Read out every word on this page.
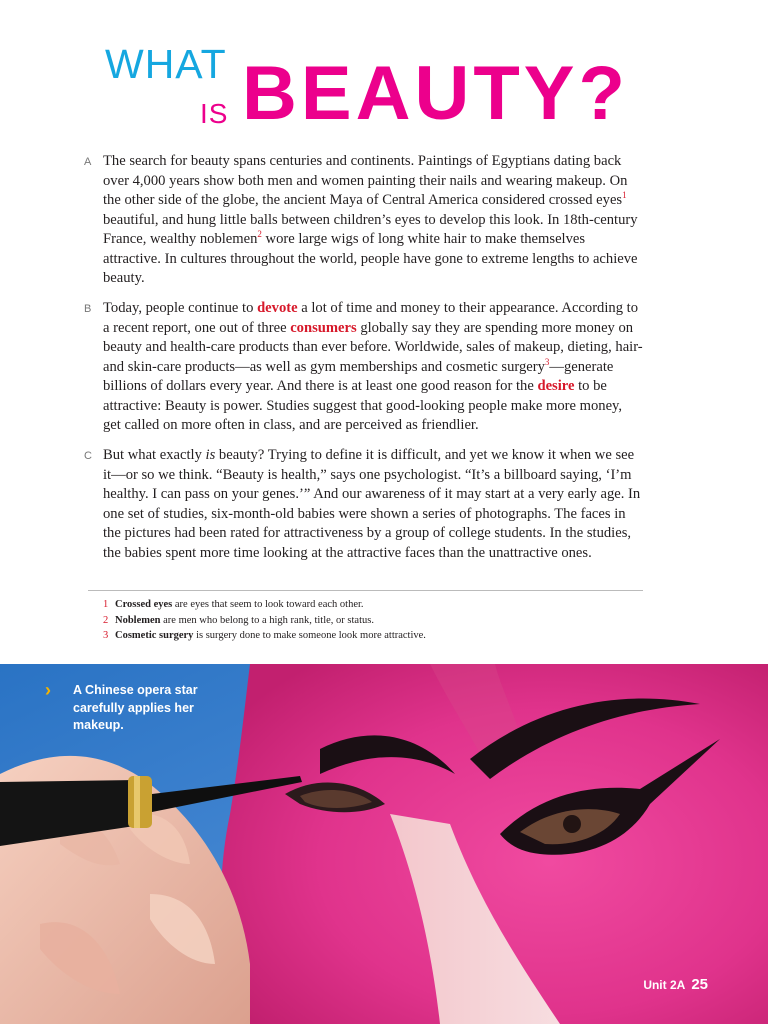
WHAT
IS BEAUTY?
A The search for beauty spans centuries and continents. Paintings of Egyptians dating back over 4,000 years show both men and women painting their nails and wearing makeup. On the other side of the globe, the ancient Maya of Central America considered crossed eyes$^1$ beautiful, and hung little balls between children’s eyes to develop this look. In 18th-century France, wealthy noblemen$^2$ wore large wigs of long white hair to make themselves attractive. In cultures throughout the world, people have gone to extreme lengths to achieve beauty.

B Today, people continue to devote a lot of time and money to their appearance. According to a recent report, one out of three consumers globally say they are spending more money on beauty and health-care products than ever before. Worldwide, sales of makeup, dieting, hair- and skin-care products—as well as gym memberships and cosmetic surgery$^3$—generate billions of dollars every year. And there is at least one good reason for the desire to be attractive: Beauty is power. Studies suggest that good-looking people make more money, get called on more often in class, and are perceived as friendlier.

C But what exactly is beauty? Trying to define it is difficult, and yet we know it when we see it—or so we think. “Beauty is health,” says one psychologist. “It’s a billboard saying, ‘I’m healthy. I can pass on your genes.’” And our awareness of it may start at a very early age. In one set of studies, six-month-old babies were shown a series of photographs. The faces in the pictures had been rated for attractiveness by a group of college students. In the studies, the babies spent more time looking at the attractive faces than the unattractive ones.

1 Crossed eyes are eyes that seem to look toward each other.
2 Noblemen are men who belong to a high rank, title, or status.
3 Cosmetic surgery is surgery done to make someone look more attractive.
› A Chinese opera star carefully applies her makeup.
Unit 2A 25
